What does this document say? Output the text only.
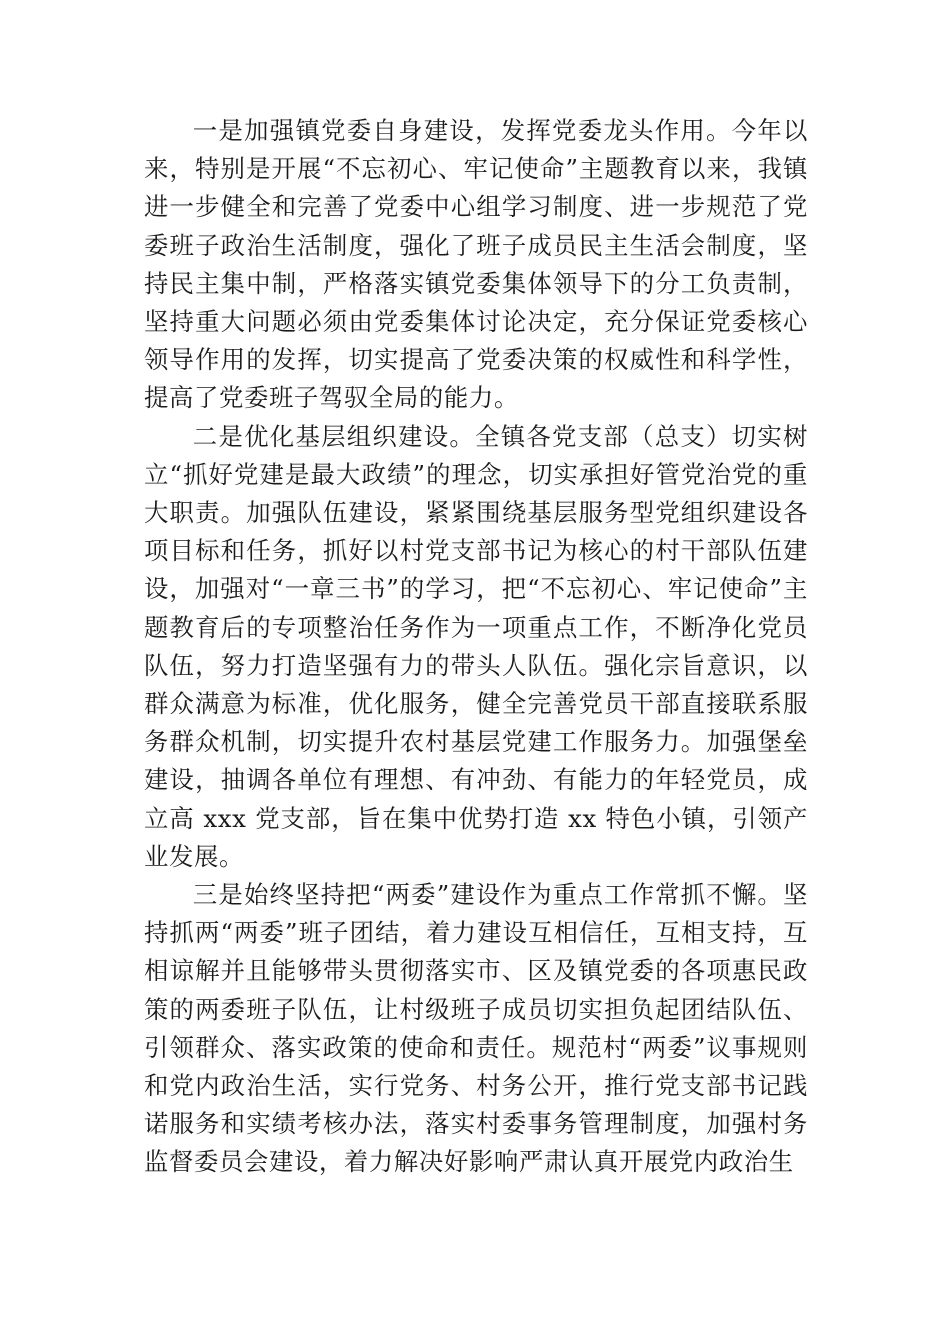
一是加强镇党委自身建设，发挥党委龙头作用。今年以来，特别是开展“不忘初心、牢记使命”主题教育以来，我镇进一步健全和完善了党委中心组学习制度、进一步规范了党委班子政治生活制度，强化了班子成员民主生活会制度，坚持民主集中制，严格落实镇党委集体领导下的分工负责制，坚持重大问题必须由党委集体讨论决定，充分保证党委核心领导作用的发挥，切实提高了党委决策的权威性和科学性，提高了党委班子驾驭全局的能力。

二是优化基层组织建设。全镇各党支部（总支）切实树立“抓好党建是最大政绩”的理念，切实承担好管党治党的重大职责。加强队伍建设，紧紧围绕基层服务型党组织建设各项目标和任务，抓好以村党支部书记为核心的村干部队伍建设，加强对“一章三书”的学习，把“不忘初心、牢记使命”主题教育后的专项整治任务作为一项重点工作，不断净化党员队伍，努力打造坚强有力的带头人队伍。强化宗旨意识，以群众满意为标准，优化服务，健全完善党员干部直接联系服务群众机制，切实提升农村基层党建工作服务力。加强堡垒建设，抽调各单位有理想、有冲劲、有能力的年轻党员，成立高 xxx 党支部，旨在集中优势打造 xx 特色小镇，引领产业发展。

三是始终坚持把“两委”建设作为重点工作常抓不懈。坚持抓两“两委”班子团结，着力建设互相信任，互相支持，互相谅解并且能够带头贯彻落实市、区及镇党委的各项惠民政策的两委班子队伍，让村级班子成员切实担负起团结队伍、引领群众、落实政策的使命和责任。规范村“两委”议事规则和党内政治生活，实行党务、村务公开，推行党支部书记践诺服务和实绩考核办法，落实村委事务管理制度，加强村务监督委员会建设，着力解决好影响严肃认真开展党内政治生
